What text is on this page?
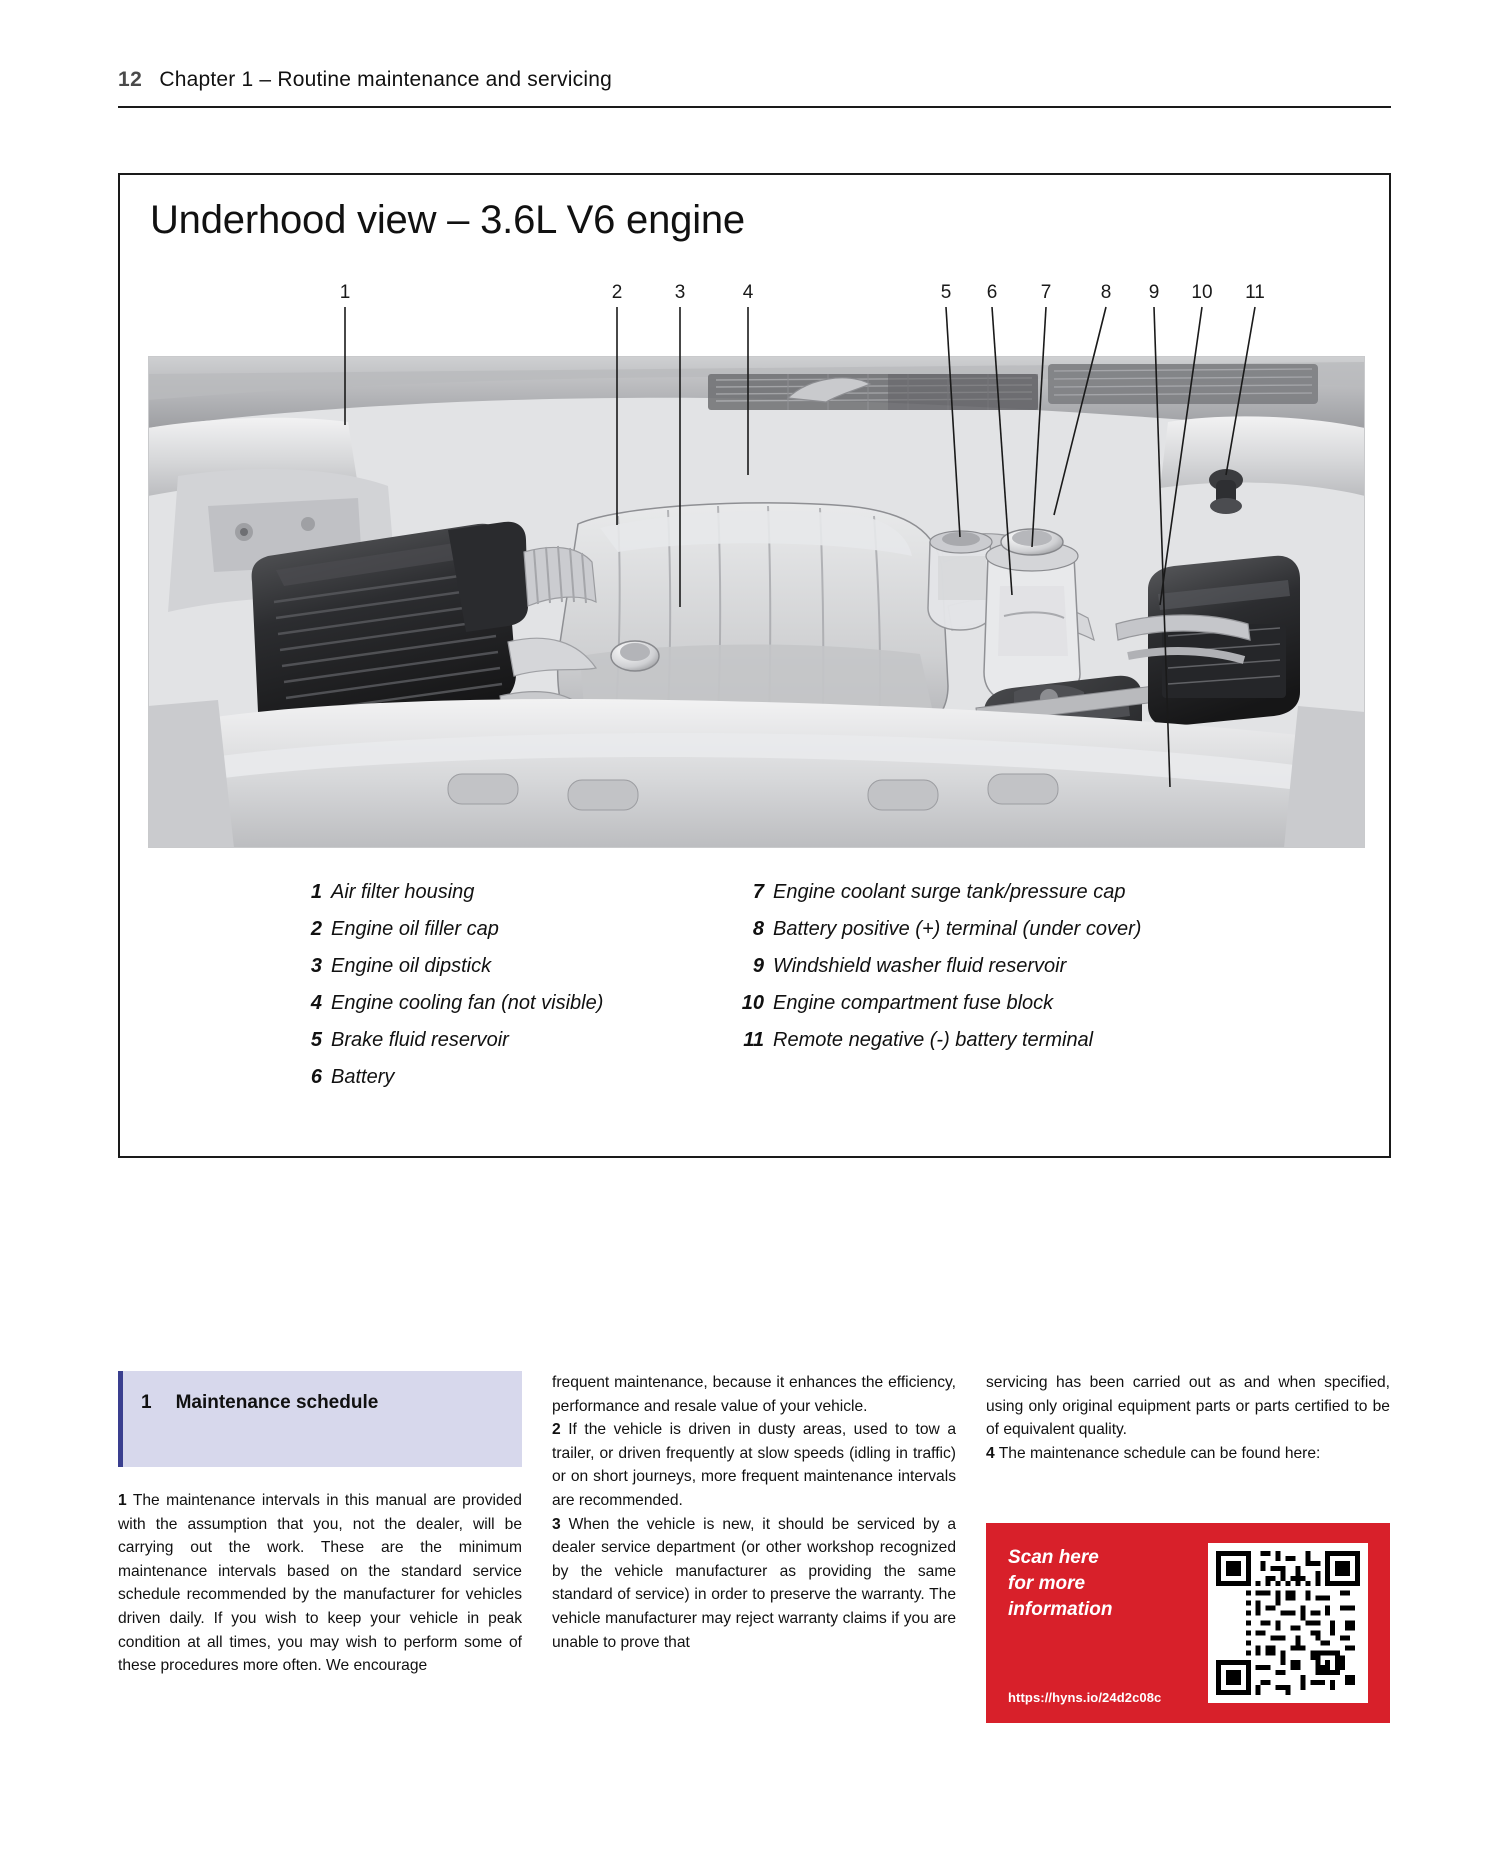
12 Chapter 1 – Routine maintenance and servicing
Underhood view – 3.6L V6 engine
1	2	3	4	5	6	7	8	9	10 11
1 Air filter housing
2 Engine oil filler cap
3 Engine oil dipstick
4 Engine cooling fan (not visible)
5 Brake fluid reservoir
6 Battery
7 Engine coolant surge tank/pressure cap
8 Battery positive (+) terminal (under cover)
9 Windshield washer fluid reservoir
10 Engine compartment fuse block
11 Remote negative (-) battery terminal
1 Maintenance schedule

1 The maintenance intervals in this manual are provided with the assumption that you, not the dealer, will be carrying out the work. These are the minimum maintenance intervals based on the standard service schedule recommended by the manufacturer for vehicles driven daily. If you wish to keep your vehicle in peak condition at all times, you may wish to perform some of these procedures more often. We encourage

frequent maintenance, because it enhances the efficiency, performance and resale value of your vehicle.

2 If the vehicle is driven in dusty areas, used to tow a trailer, or driven frequently at slow speeds (idling in traffic) or on short journeys, more frequent maintenance intervals are recommended.

3 When the vehicle is new, it should be serviced by a dealer service department (or other workshop recognized by the vehicle manufacturer as providing the same standard of service) in order to preserve the warranty. The vehicle manufacturer may reject warranty claims if you are unable to prove that

servicing has been carried out as and when specified, using only original equipment parts or parts certified to be of equivalent quality.

4 The maintenance schedule can be found here:

Scan here
for more
information
https://hyns.io/24d2c08c
